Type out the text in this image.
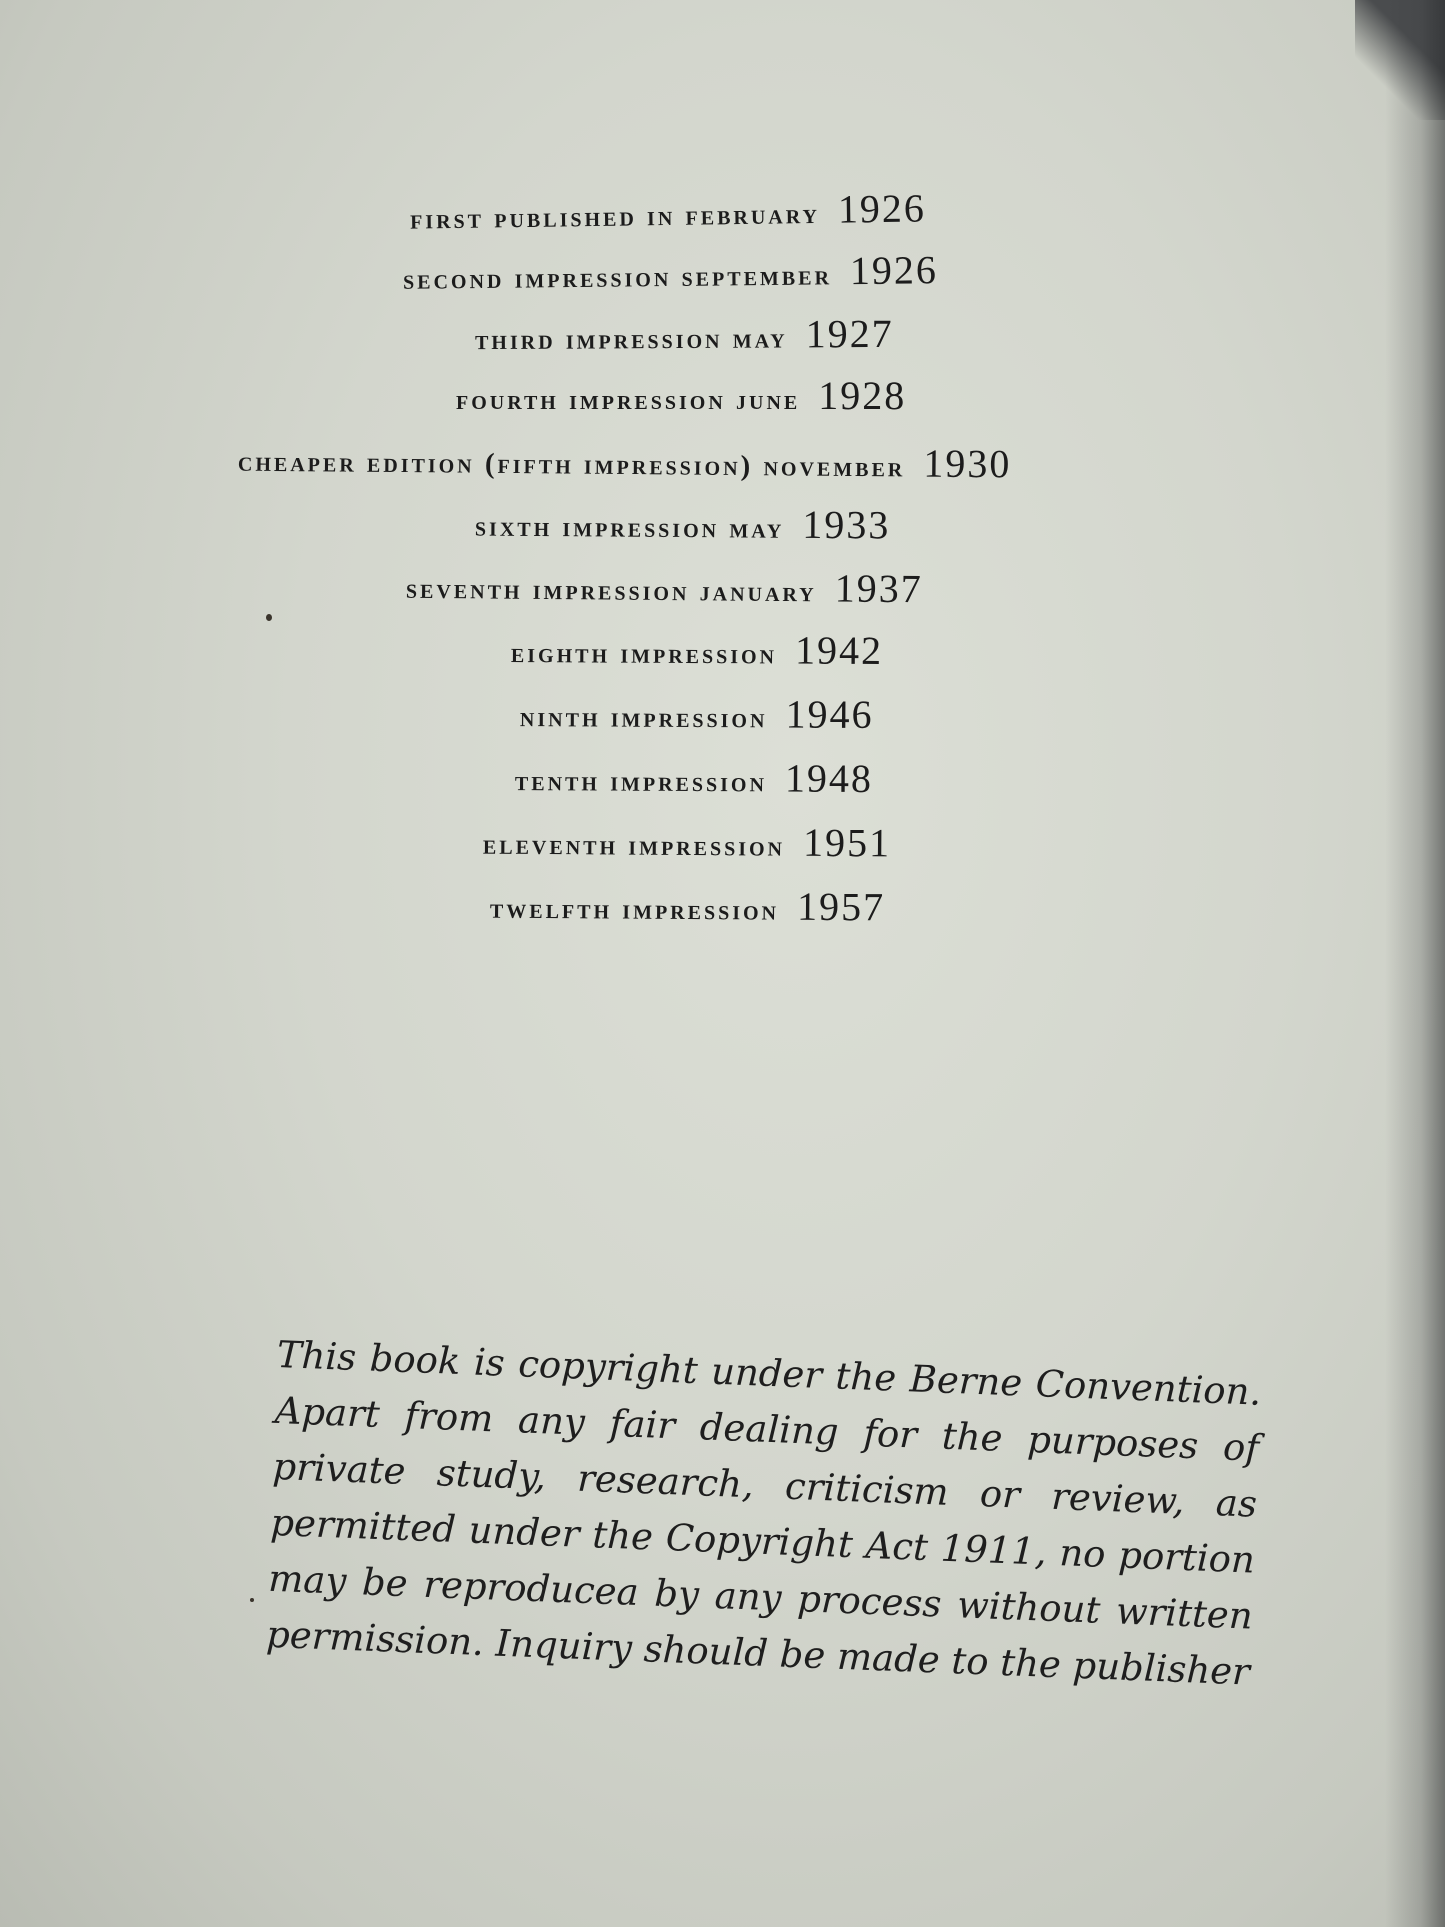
first published in february 1926
second impression september 1926
third impression may 1927
fourth impression june 1928
cheaper edition (fifth impression) november 1930
sixth impression may 1933
seventh impression january 1937
eighth impression 1942
ninth impression 1946
tenth impression 1948
eleventh impression 1951
twelfth impression 1957

This book is copyright under the Berne Convention. Apart from any fair dealing for the purposes of private study, research, criticism or review, as permitted under the Copyright Act 1911, no portion may be reproducea by any process without written permission. Inquiry should be made to the publisher
